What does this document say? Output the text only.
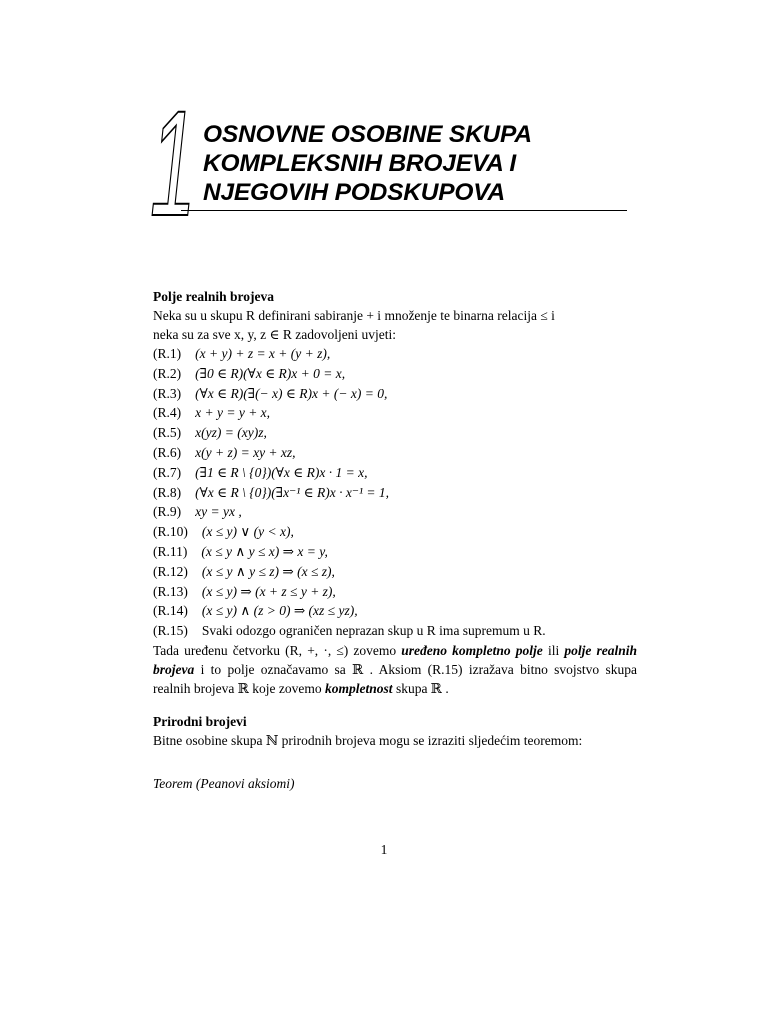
1 OSNOVNE OSOBINE SKUPA
KOMPLEKSNIH BROJEVA I
NJEGOVIH PODSKUPOVA
Polje realnih brojeva
Neka su u skupu R definirani sabiranje + i množenje te binarna relacija ≤ i
neka su za sve x, y, z ∈ R zadovoljeni uvjeti:
(R.1)	(x + y) + z = x + (y + z),
(R.2)	(∃0 ∈ R)(∀x ∈ R)x + 0 = x,
(R.3)	(∀x ∈ R)(∃(− x) ∈ R)x + (− x) = 0,
(R.4)	x + y = y + x,
(R.5)	x(yz) = (xy)z,
(R.6)	x(y + z) = xy + xz,
(R.7)	(∃1 ∈ R \ {0})(∀x ∈ R)x · 1 = x,
(R.8)	(∀x ∈ R \ {0})(∃x⁻¹ ∈ R)x · x⁻¹ = 1,
(R.9)	xy = yx ,
(R.10)	(x ≤ y) ∨ (y < x),
(R.11)	(x ≤ y ∧ y ≤ x) ⇒ x = y,
(R.12)	(x ≤ y ∧ y ≤ z) ⇒ (x ≤ z),
(R.13)	(x ≤ y) ⇒ (x + z ≤ y + z),
(R.14)	(x ≤ y) ∧ (z > 0) ⇒ (xz ≤ yz),
(R.15)	Svaki odozgo ograničen neprazan skup u R ima supremum u R.
Tada uređenu četvorku (R, +, ·, ≤) zovemo uređeno kompletno polje ili polje realnih brojeva i to polje označavamo sa ℝ . Aksiom (R.15) izražava bitno svojstvo skupa realnih brojeva ℝ koje zovemo kompletnost skupa ℝ .
Prirodni brojevi
Bitne osobine skupa ℕ prirodnih brojeva mogu se izraziti sljedećim teoremom:
Teorem (Peanovi aksiomi)
1
